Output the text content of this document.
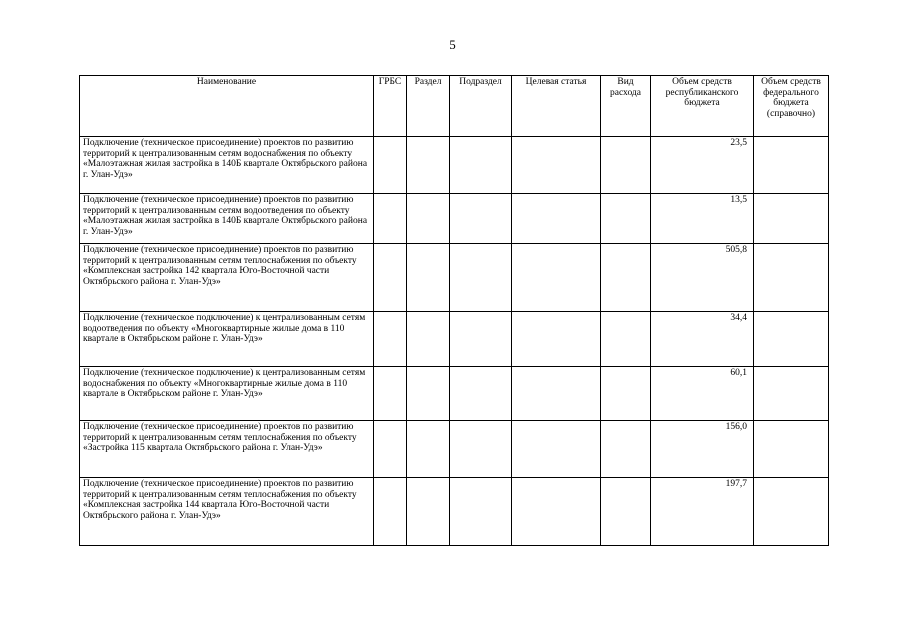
5
Наименование	ГРБС	Раздел	Подраздел	Целевая статья	Вид расхода	Объем средств республиканского бюджета	Объем средств федерального бюджета (справочно)
Подключение (техническое присоединение) проектов по развитию территорий к централизованным сетям водоснабжения по объекту «Малоэтажная жилая застройка в 140Б квартале Октябрьского района г. Улан-Удэ»						23,5	
Подключение (техническое присоединение) проектов по развитию территорий к централизованным сетям водоотведения по объекту «Малоэтажная жилая застройка в 140Б квартале Октябрьского района г. Улан-Удэ»						13,5	
Подключение (техническое присоединение) проектов по развитию территорий к централизованным сетям теплоснабжения по объекту «Комплексная застройка 142 квартала Юго-Восточной части Октябрьского района г. Улан-Удэ»						505,8	
Подключение (техническое подключение) к централизованным сетям водоотведения по объекту «Многоквартирные жилые дома в 110 квартале в Октябрьском районе г. Улан-Удэ»						34,4	
Подключение (техническое подключение) к централизованным сетям водоснабжения по объекту «Многоквартирные жилые дома в 110 квартале в Октябрьском районе г. Улан-Удэ»						60,1	
Подключение (техническое присоединение) проектов по развитию территорий к централизованным сетям теплоснабжения по объекту «Застройка 115 квартала Октябрьского района г. Улан-Удэ»						156,0	
Подключение (техническое присоединение) проектов по развитию территорий к централизованным сетям теплоснабжения по объекту «Комплексная застройка 144 квартала Юго-Восточной части Октябрьского района г. Улан-Удэ»						197,7	
